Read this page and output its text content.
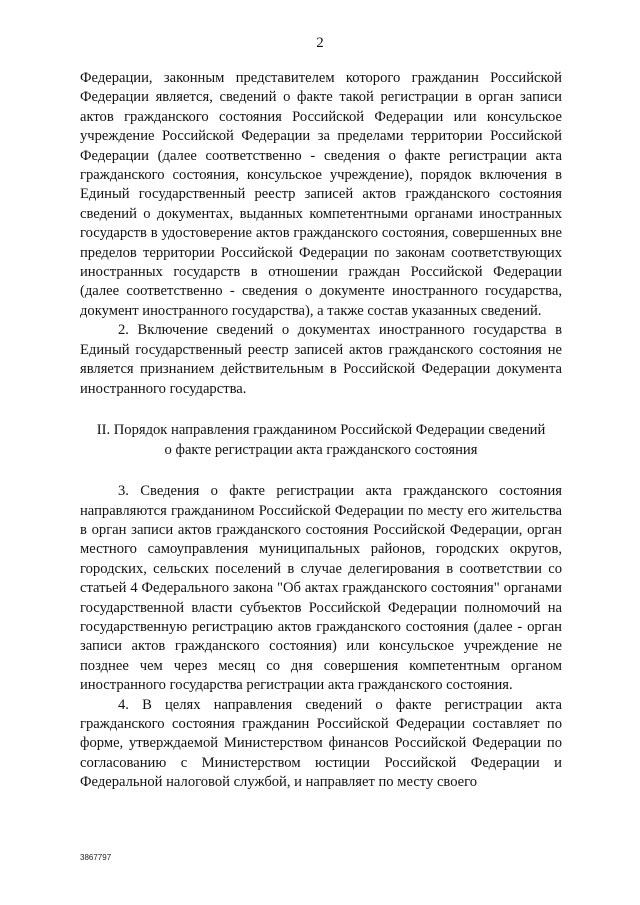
2

Федерации, законным представителем которого гражданин Российской Федерации является, сведений о факте такой регистрации в орган записи актов гражданского состояния Российской Федерации или консульское учреждение Российской Федерации за пределами территории Российской Федерации (далее соответственно - сведения о факте регистрации акта гражданского состояния, консульское учреждение), порядок включения в Единый государственный реестр записей актов гражданского состояния сведений о документах, выданных компетентными органами иностранных государств в удостоверение актов гражданского состояния, совершенных вне пределов территории Российской Федерации по законам соответствующих иностранных государств в отношении граждан Российской Федерации (далее соответственно - сведения о документе иностранного государства, документ иностранного государства), а также состав указанных сведений.

2. Включение сведений о документах иностранного государства в Единый государственный реестр записей актов гражданского состояния не является признанием действительным в Российской Федерации документа иностранного государства.

II. Порядок направления гражданином Российской Федерации сведений
о факте регистрации акта гражданского состояния

3. Сведения о факте регистрации акта гражданского состояния направляются гражданином Российской Федерации по месту его жительства в орган записи актов гражданского состояния Российской Федерации, орган местного самоуправления муниципальных районов, городских округов, городских, сельских поселений в случае делегирования в соответствии со статьей 4 Федерального закона "Об актах гражданского состояния" органами государственной власти субъектов Российской Федерации полномочий на государственную регистрацию актов гражданского состояния (далее - орган записи актов гражданского состояния) или консульское учреждение не позднее чем через месяц со дня совершения компетентным органом иностранного государства регистрации акта гражданского состояния.

4. В целях направления сведений о факте регистрации акта гражданского состояния гражданин Российской Федерации составляет по форме, утверждаемой Министерством финансов Российской Федерации по согласованию с Министерством юстиции Российской Федерации и Федеральной налоговой службой, и направляет по месту своего

3867797
